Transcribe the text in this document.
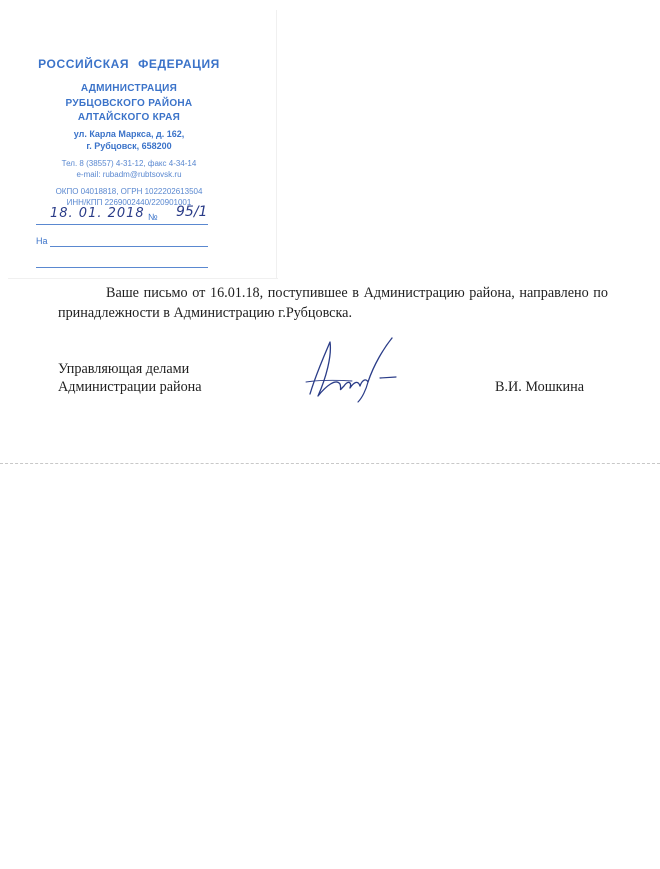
РОССИЙСКАЯ ФЕДЕРАЦИЯ
АДМИНИСТРАЦИЯ
РУБЦОВСКОГО РАЙОНА
АЛТАЙСКОГО КРАЯ
ул. Карла Маркса, д. 162,
г. Рубцовск, 658200
Тел. 8 (38557) 4-31-12, факс 4-34-14
e-mail: rubadm@rubtsovsk.ru
ОКПО 04018818, ОГРН 1022202613504
ИНН/КПП 2269002440/220901001
18. 01. 2018 № 95/1
На
Ваше письмо от 16.01.18, поступившее в Администрацию района, направлено по принадлежности в Администрацию г.Рубцовска.
Управляющая делами
Администрации района	В.И. Мошкина
